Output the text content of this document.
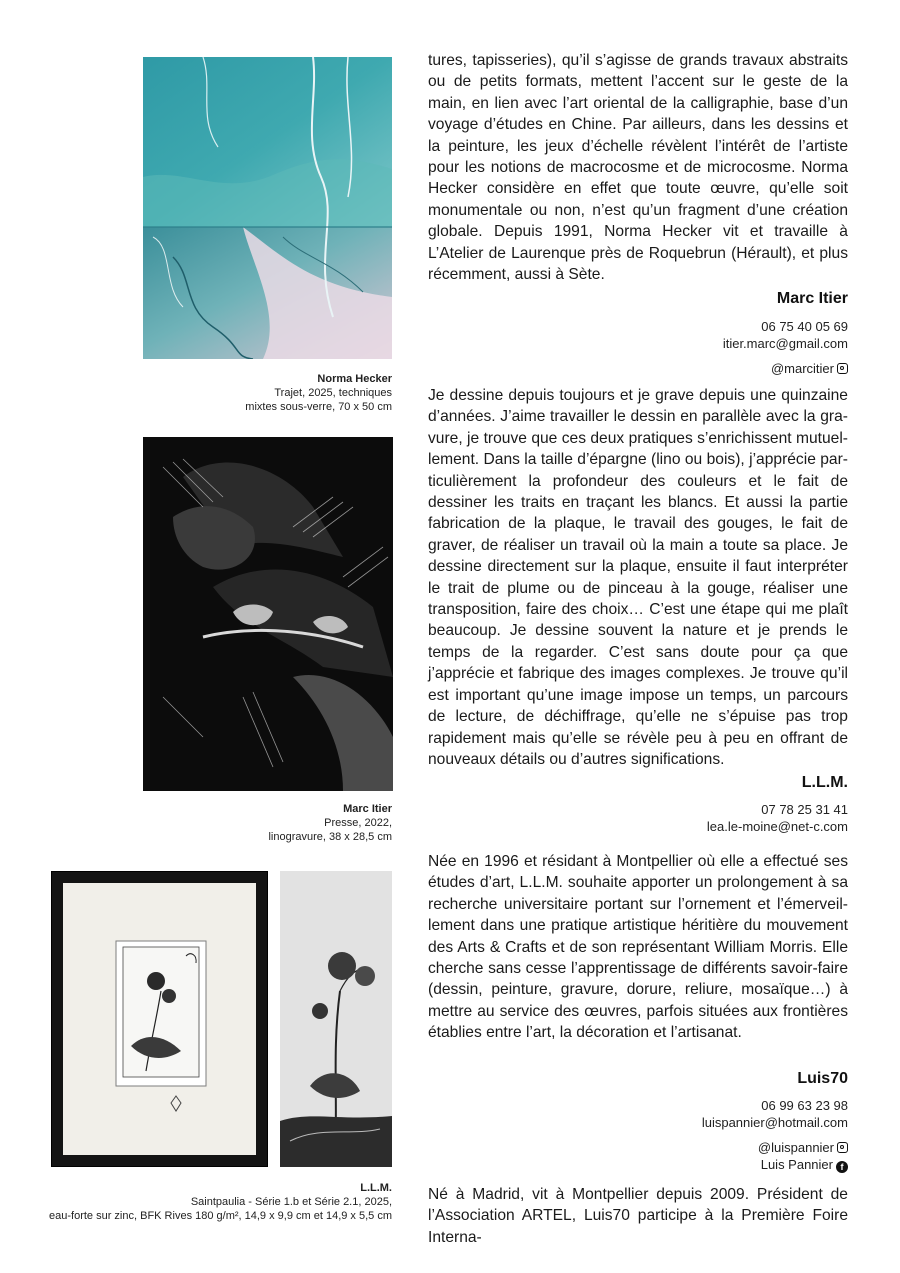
Norma Hecker
Trajet, 2025, techniques
mixtes sous-verre, 70 x 50 cm
Marc Itier
Presse, 2022,
linogravure, 38 x 28,5 cm
L.L.M.
Saintpaulia - Série 1.b et Série 2.1, 2025,
eau-forte sur zinc, BFK Rives 180 g/m², 14,9 x 9,9 cm et 14,9 x 5,5 cm
tures, tapisseries), qu’il s’agisse de grands travaux abstraits ou de petits formats, mettent l’accent sur le geste de la main, en lien avec l’art oriental de la calligraphie, base d’un voyage d’études en Chine. Par ailleurs, dans les dessins et la peinture, les jeux d’échelle révèlent l’intérêt de l’artiste pour les notions de macrocosme et de microcosme. Norma Hecker considère en effet que toute œuvre, qu’elle soit monumentale ou non, n’est qu’un fragment d’une création globale. Depuis 1991, Norma Hecker vit et travaille à L’Atelier de Laurenque près de Roquebrun (Hérault), et plus récemment, aussi à Sète.
Marc Itier
06 75 40 05 69
itier.marc@gmail.com
@marcitier
Je dessine depuis toujours et je grave depuis une quinzaine d’années. J’aime travailler le dessin en parallèle avec la gravure, je trouve que ces deux pratiques s’enrichissent mutuellement. Dans la taille d’épargne (lino ou bois), j’apprécie particulièrement la profondeur des couleurs et le fait de dessiner les traits en traçant les blancs. Et aussi la partie fabrication de la plaque, le travail des gouges, le fait de graver, de réaliser un travail où la main a toute sa place. Je dessine directement sur la plaque, ensuite il faut interpréter le trait de plume ou de pinceau à la gouge, réaliser une transposition, faire des choix… C’est une étape qui me plaît beaucoup. Je dessine souvent la nature et je prends le temps de la regarder. C’est sans doute pour ça que j’apprécie et fabrique des images complexes. Je trouve qu’il est important qu’une image impose un temps, un parcours de lecture, de déchiffrage, qu’elle ne s’épuise pas trop rapidement mais qu’elle se révèle peu à peu en offrant de nouveaux détails ou d’autres significations.
L.L.M.
07 78 25 31 41
lea.le-moine@net-c.com
Née en 1996 et résidant à Montpellier où elle a effectué ses études d’art, L.L.M. souhaite apporter un prolongement à sa recherche universitaire portant sur l’ornement et l’émerveillement dans une pratique artistique héritière du mouvement des Arts & Crafts et de son représentant William Morris. Elle cherche sans cesse l’apprentissage de différents savoir-faire (dessin, peinture, gravure, dorure, reliure, mosaïque…) à mettre au service des œuvres, parfois situées aux frontières établies entre l’art, la décoration et l’artisanat.
Luis70
06 99 63 23 98
luispannier@hotmail.com
@luispannier
Luis Pannier f
Né à Madrid, vit à Montpellier depuis 2009. Président de l’Association ARTEL, Luis70 participe à la Première Foire Interna-
